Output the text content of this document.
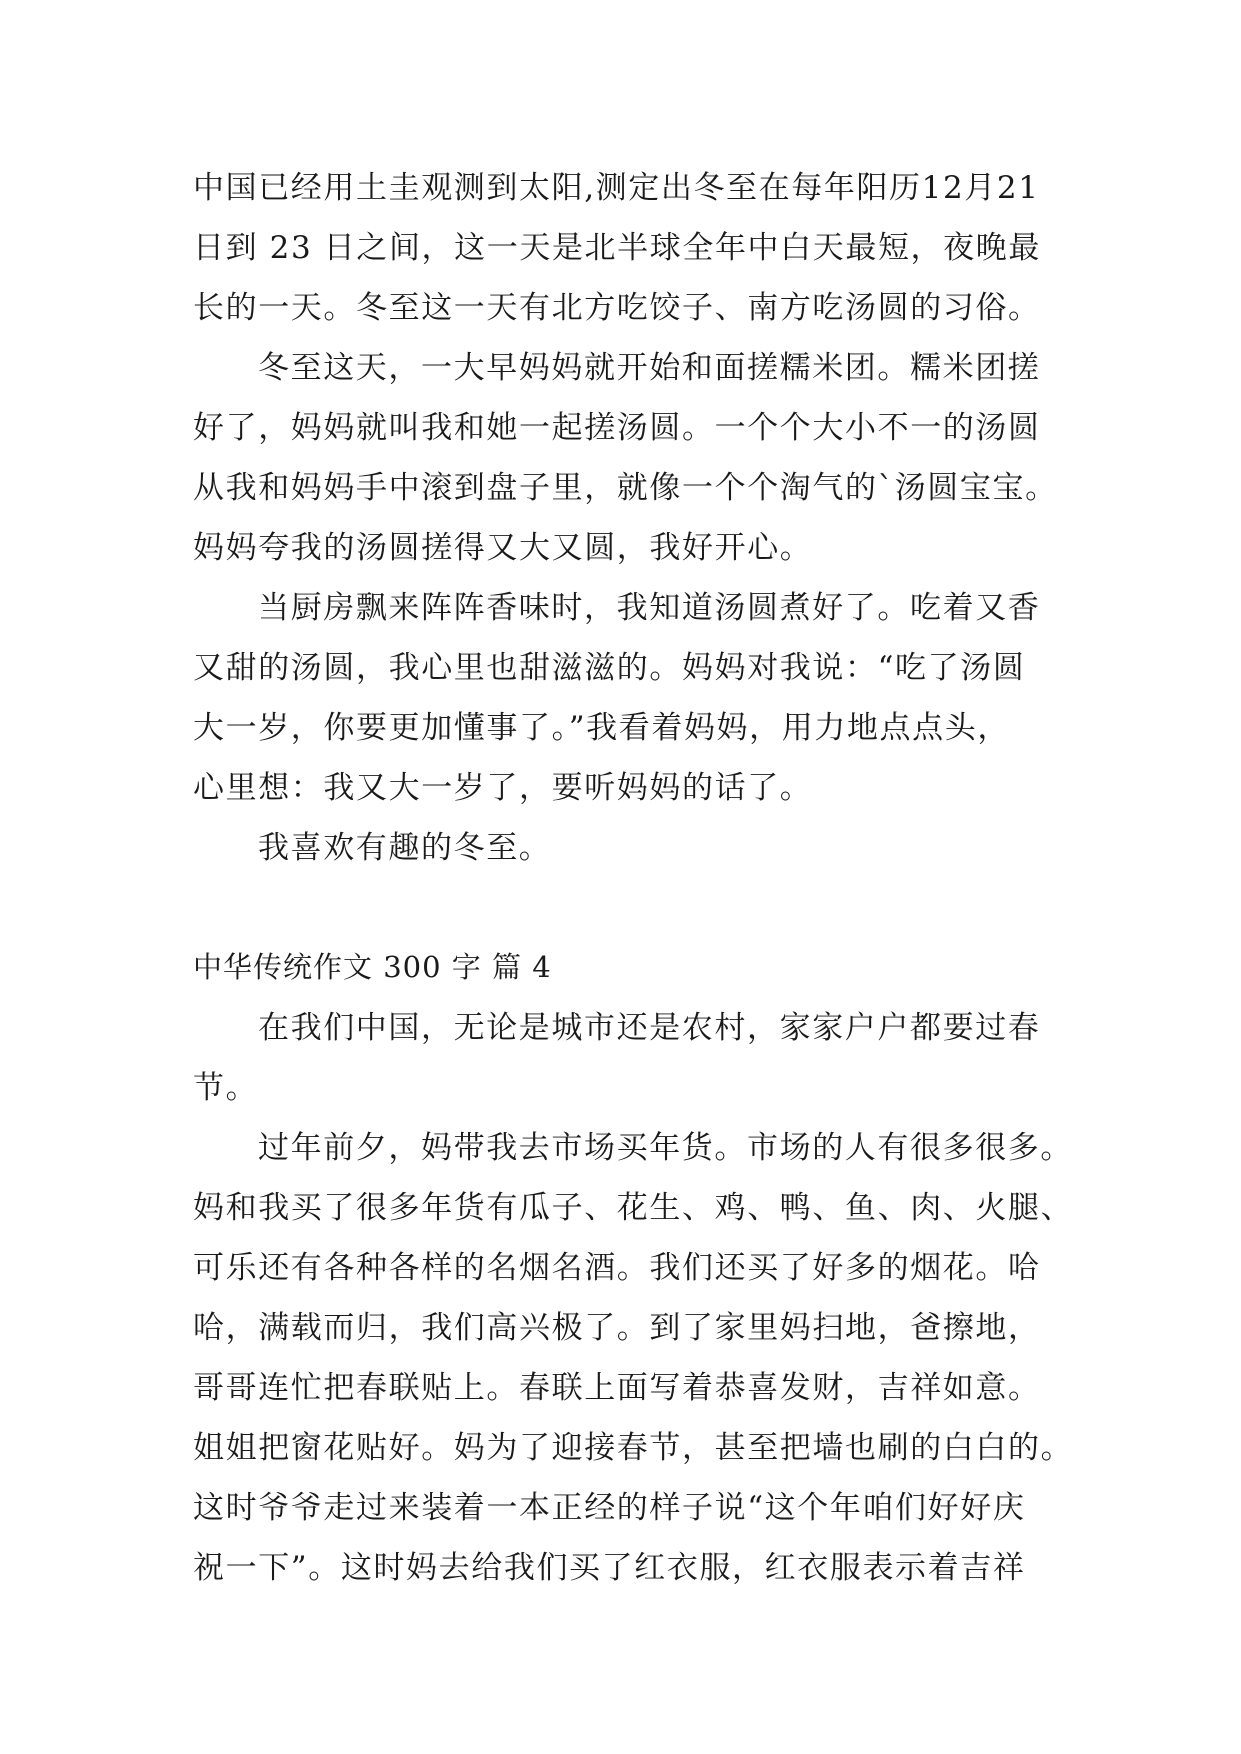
中国已经用土圭观测到太阳,测定出冬至在每年阳历12月21
日到 23 日之间，这一天是北半球全年中白天最短，夜晚最
长的一天。冬至这一天有北方吃饺子、南方吃汤圆的习俗。
冬至这天，一大早妈妈就开始和面搓糯米团。糯米团搓
好了，妈妈就叫我和她一起搓汤圆。一个个大小不一的汤圆
从我和妈妈手中滚到盘子里，就像一个个淘气的`汤圆宝宝。
妈妈夸我的汤圆搓得又大又圆，我好开心。
当厨房飘来阵阵香味时，我知道汤圆煮好了。吃着又香
又甜的汤圆，我心里也甜滋滋的。妈妈对我说：“吃了汤圆
大一岁，你要更加懂事了。”我看着妈妈，用力地点点头，
心里想：我又大一岁了，要听妈妈的话了。
我喜欢有趣的冬至。
中华传统作文 300 字 篇 4
在我们中国，无论是城市还是农村，家家户户都要过春
节。
过年前夕，妈带我去市场买年货。市场的人有很多很多。
妈和我买了很多年货有瓜子、花生、鸡、鸭、鱼、肉、火腿、
可乐还有各种各样的名烟名酒。我们还买了好多的烟花。哈
哈，满载而归，我们高兴极了。到了家里妈扫地，爸擦地，
哥哥连忙把春联贴上。春联上面写着恭喜发财，吉祥如意。
姐姐把窗花贴好。妈为了迎接春节，甚至把墙也刷的白白的。
这时爷爷走过来装着一本正经的样子说“这个年咱们好好庆
祝一下”。这时妈去给我们买了红衣服，红衣服表示着吉祥
